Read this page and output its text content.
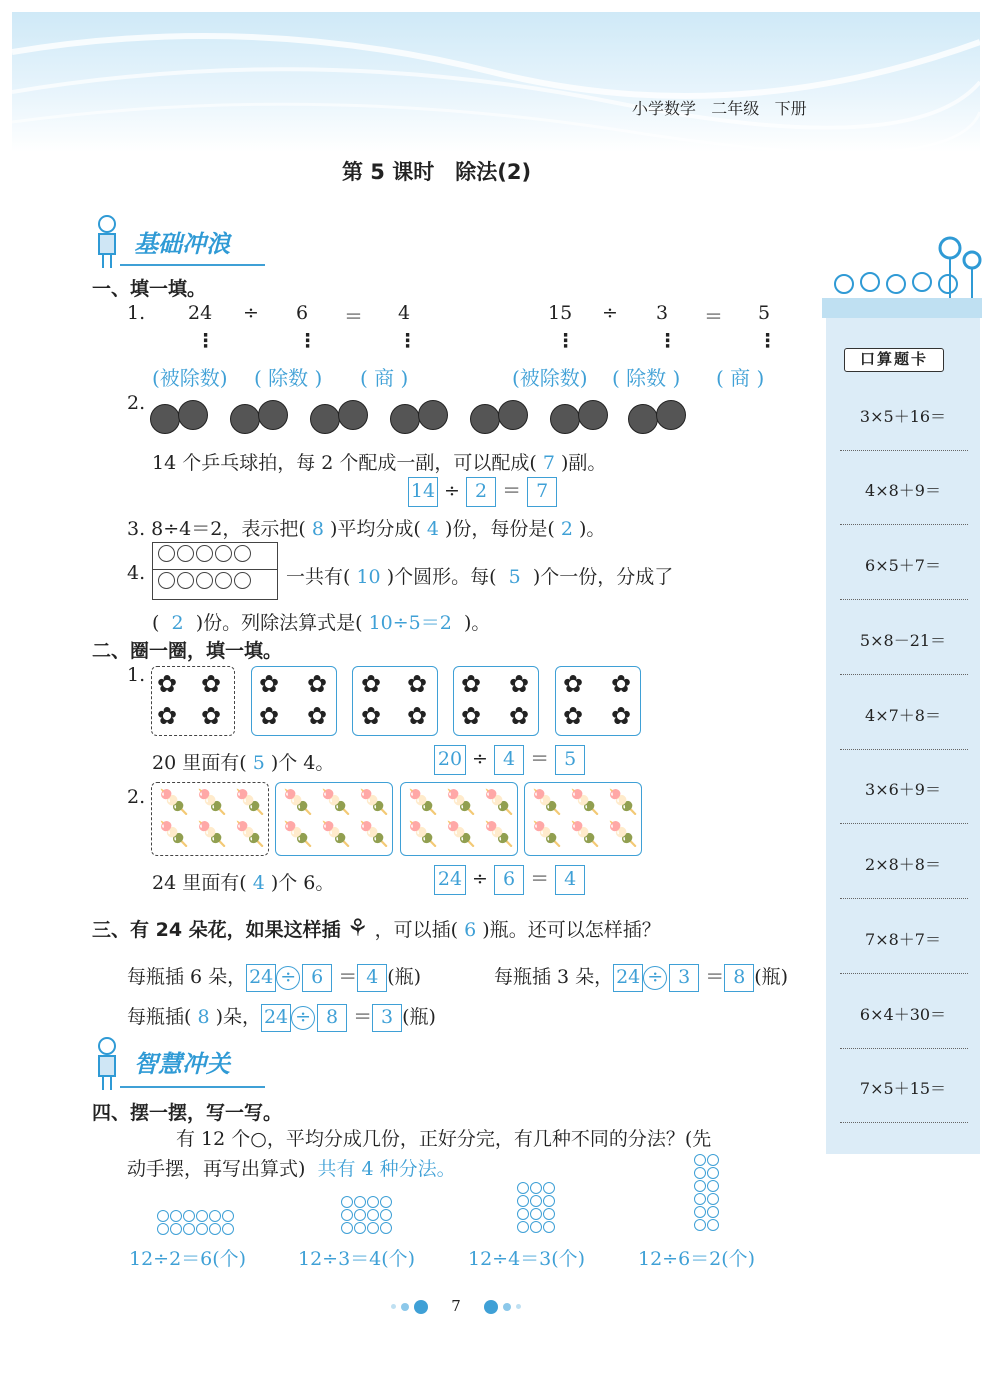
小学数学 二年级 下册
第 5 课时　除法(2)
基础冲浪
一、填一填。
1. 24 ÷ 6 ＝ 4	15 ÷ 3 ＝ 5
⋮	⋮	⋮	⋮	⋮	⋮
(被除数) ( 除数 ) ( 商 )	(被除数) ( 除数 ) ( 商 )
2.
14 个乒乓球拍，每 2 个配成一副，可以配成( 7 )副。
14 ÷ 2 ＝ 7
3. 8÷4＝2，表示把( 8 )平均分成( 4 )份，每份是( 2 )。
4.	一共有( 10 )个圆形。每( 5 )个一份，分成了
( 2 )份。列除法算式是( 10÷5＝2 )。
二、圈一圈，填一填。
1. ✿ ✿
✿ ✿
✿ ✿
✿ ✿
✿ ✿
✿ ✿
✿ ✿
✿ ✿
✿ ✿
✿ ✿
20 里面有( 5 )个 4。	20 ÷ 4 ＝ 5
2. 🍡 🍡 🍡
🍡 🍡 🍡
🍡 🍡 🍡
🍡 🍡 🍡
🍡 🍡 🍡
🍡 🍡 🍡
🍡 🍡 🍡
🍡 🍡 🍡
24 里面有( 4 )个 6。	24 ÷ 6 ＝ 4
三、有 24 朵花，如果这样插 ⚘ ，可以插( 6 )瓶。还可以怎样插？
每瓶插 6 朵， 24 ÷ 6 ＝ 4 (瓶)	每瓶插 3 朵， 24 ÷ 3 ＝ 8 (瓶)
每瓶插( 8 )朵， 24 ÷ 8 ＝ 3 (瓶)
智慧冲关
四、摆一摆，写一写。
有 12 个○，平均分成几份，正好分完，有几种不同的分法？(先
动手摆，再写出算式) 共有 4 种分法。
12÷2＝6(个)	12÷3＝4(个)	12÷4＝3(个)	12÷6＝2(个)
口算题卡
3×5＋16＝
4×8＋9＝
6×5＋7＝
5×8－21＝
4×7＋8＝
3×6＋9＝
2×8＋8＝
7×8＋7＝
6×4＋30＝
7×5＋15＝
7
